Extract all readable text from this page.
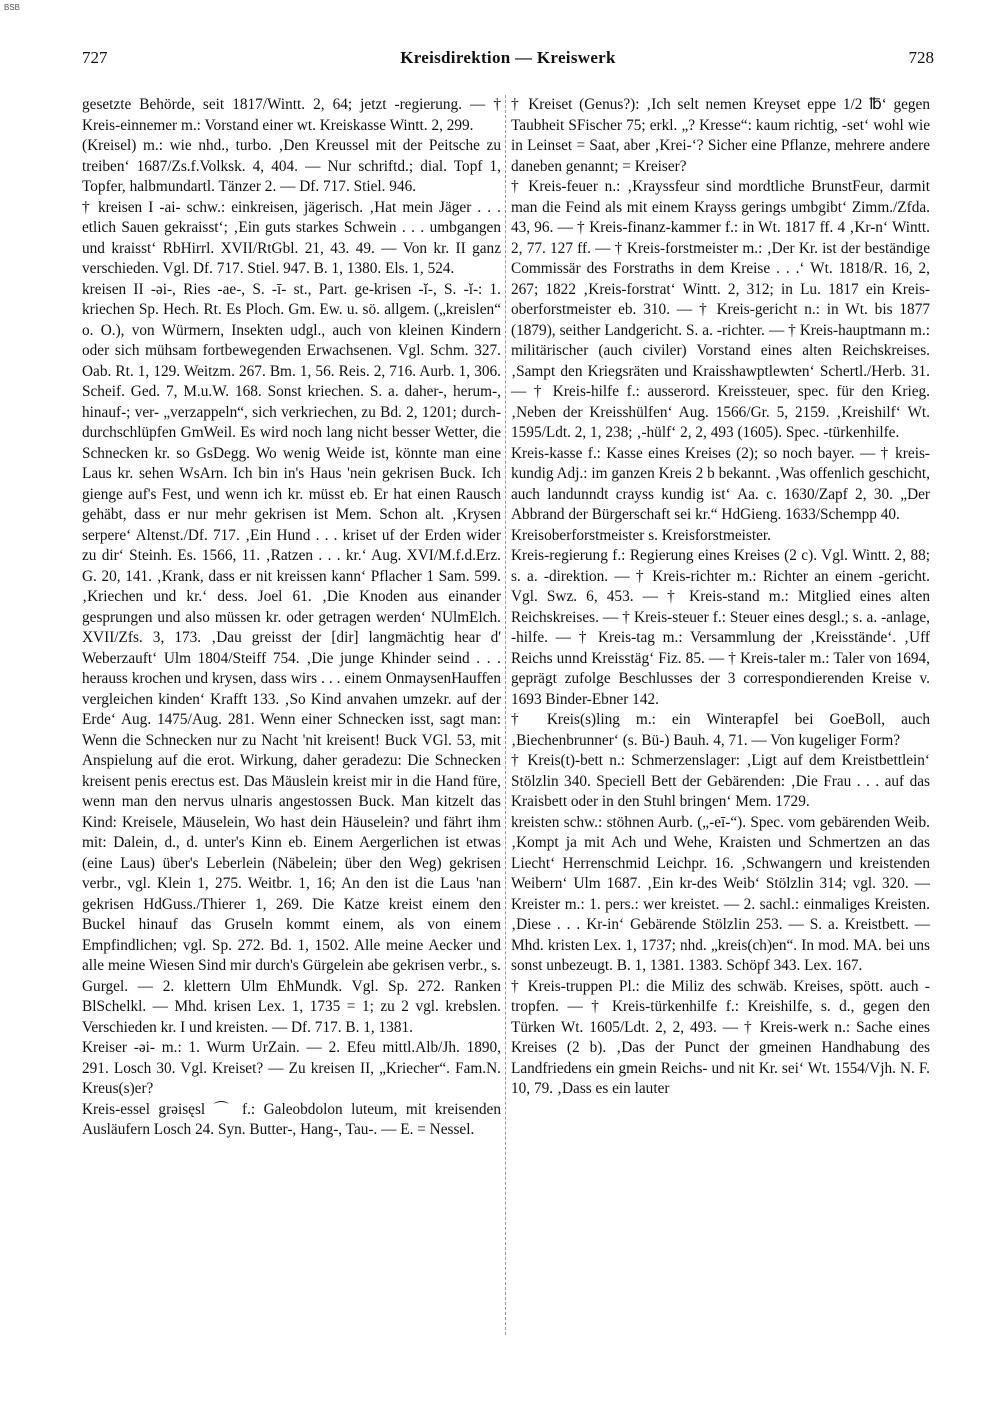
BSB
727	Kreisdirektion — Kreiswerk	728

gesetzte Behörde, seit 1817/Wintt. 2, 64; jetzt -regierung. — † Kreis-einnemer m.: Vorstand einer wt. Kreiskasse Wintt. 2, 299.

(Kreisel) m.: wie nhd., turbo. ‚Den Kreussel mit der Peitsche zu treiben‘ 1687/Zs.f.Volksk. 4, 404. — Nur schriftd.; dial. Topf 1, Topfer, halbmundartl. Tänzer 2. — Df. 717. Stiel. 946.

† kreisen I -ai- schw.: einkreisen, jägerisch. ‚Hat mein Jäger . . . etlich Sauen gekraisst‘; ‚Ein guts starkes Schwein . . . umbgangen und kraisst‘ RbHirrl. XVII/RtGbl. 21, 43. 49. — Von kr. II ganz verschieden. Vgl. Df. 717. Stiel. 947. B. 1, 1380. Els. 1, 524.

kreisen II -əi-, Ries -ae-, S. -ī- st., Part. ge-krisen -ĭ-, S. -ĭ-: 1. kriechen Sp. Hech. Rt. Es Ploch. Gm. Ew. u. sö. allgem. („kreislen“ o. O.), von Würmern, Insekten udgl., auch von kleinen Kindern oder sich mühsam fortbewegenden Erwachsenen. Vgl. Schm. 327. Oab. Rt. 1, 129. Weitzm. 267. Bm. 1, 56. Reis. 2, 716. Aurb. 1, 306. Scheif. Ged. 7, M.u.W. 168. Sonst kriechen. S. a. daher-, herum-, hinauf-; ver- „verzappeln“, sich verkriechen, zu Bd. 2, 1201; durch- durchschlüpfen GmWeil. Es wird noch lang nicht besser Wetter, die Schnecken kr. so GsDegg. Wo wenig Weide ist, könnte man eine Laus kr. sehen WsArn. Ich bin in's Haus 'nein gekrisen Buck. Ich gienge auf's Fest, und wenn ich kr. müsst eb. Er hat einen Rausch gehäbt, dass er nur mehr gekrisen ist Mem. Schon alt. ‚Krysen serpere‘ Altenst./Df. 717. ‚Ein Hund . . . kriset uf der Erden wider zu dir‘ Steinh. Es. 1566, 11. ‚Ratzen . . . kr.‘ Aug. XVI/M.f.d.Erz. G. 20, 141. ‚Krank, dass er nit kreissen kann‘ Pflacher 1 Sam. 599. ‚Kriechen und kr.‘ dess. Joel 61. ‚Die Knoden aus einander gesprungen und also müssen kr. oder getragen werden‘ NUlmElch. XVII/Zfs. 3, 173. ‚Dau greisst der [dir] langmächtig hear d' Weberzauft‘ Ulm 1804/Steiff 754. ‚Die junge Khinder seind . . . herauss krochen und krysen, dass wirs . . . einem OnmaysenHauffen vergleichen kinden‘ Krafft 133. ‚So Kind anvahen umzekr. auf der Erde‘ Aug. 1475/Aug. 281. Wenn einer Schnecken isst, sagt man: Wenn die Schnecken nur zu Nacht 'nit kreisent! Buck VGl. 53, mit Anspielung auf die erot. Wirkung, daher geradezu: Die Schnecken kreisent penis erectus est. Das Mäuslein kreist mir in die Hand füre, wenn man den nervus ulnaris angestossen Buck. Man kitzelt das Kind: Kreisele, Mäuselein, Wo hast dein Häuselein? und fährt ihm mit: Dalein, d., d. unter's Kinn eb. Einem Aergerlichen ist etwas (eine Laus) über's Leberlein (Näbelein; über den Weg) gekrisen verbr., vgl. Klein 1, 275. Weitbr. 1, 16; An den ist die Laus 'nan gekrisen HdGuss./Thierer 1, 269. Die Katze kreist einem den Buckel hinauf das Gruseln kommt einem, als von einem Empfindlichen; vgl. Sp. 272. Bd. 1, 1502. Alle meine Aecker und alle meine Wiesen Sind mir durch's Gürgelein abe gekrisen verbr., s. Gurgel. — 2. klettern Ulm EhMundk. Vgl. Sp. 272. Ranken BlSchelkl. — Mhd. krisen Lex. 1, 1735 = 1; zu 2 vgl. krebslen. Verschieden kr. I und kreisten. — Df. 717. B. 1, 1381.

Kreiser -əi- m.: 1. Wurm UrZain. — 2. Efeu mittl.Alb/Jh. 1890, 291. Losch 30. Vgl. Kreiset? — Zu kreisen II, „Kriecher“. Fam.N. Kreus(s)er?

Kreis-essel grəisęsl ⌒ f.: Galeobdolon luteum, mit kreisenden Ausläufern Losch 24. Syn. Butter-, Hang-, Tau-. — E. = Nessel.

† Kreiset (Genus?): ‚Ich selt nemen Kreyset eppe 1/2 ℔‘ gegen Taubheit SFischer 75; erkl. „? Kresse“: kaum richtig, -set‘ wohl wie in Leinset = Saat, aber ‚Krei-‘? Sicher eine Pflanze, mehrere andere daneben genannt; = Kreiser?

† Kreis-feuer n.: ‚Krayssfeur sind mordtliche BrunstFeur, darmit man die Feind als mit einem Krayss gerings umbgibt‘ Zimm./Zfda. 43, 96. — † Kreis-finanz-kammer f.: in Wt. 1817 ff. 4 ‚Kr-n‘ Wintt. 2, 77. 127 ff. — † Kreis-forstmeister m.: ‚Der Kr. ist der beständige Commissär des Forstraths in dem Kreise . . .‘ Wt. 1818/R. 16, 2, 267; 1822 ‚Kreis-forstrat‘ Wintt. 2, 312; in Lu. 1817 ein Kreis-oberforstmeister eb. 310. — † Kreis-gericht n.: in Wt. bis 1877 (1879), seither Landgericht. S. a. -richter. — † Kreis-hauptmann m.: militärischer (auch civiler) Vorstand eines alten Reichskreises. ‚Sampt den Kriegsräten und Kraisshawptlewten‘ Schertl./Herb. 31. — † Kreis-hilfe f.: ausserord. Kreissteuer, spec. für den Krieg. ‚Neben der Kreisshülfen‘ Aug. 1566/Gr. 5, 2159. ‚Kreishilf‘ Wt. 1595/Ldt. 2, 1, 238; ‚-hülf‘ 2, 2, 493 (1605). Spec. -türkenhilfe.

Kreis-kasse f.: Kasse eines Kreises (2); so noch bayer. — † kreis-kundig Adj.: im ganzen Kreis 2 b bekannt. ‚Was offenlich geschicht, auch landunndt crayss kundig ist‘ Aa. c. 1630/Zapf 2, 30. „Der Abbrand der Bürgerschaft sei kr.“ HdGieng. 1633/Schempp 40.

Kreisoberforstmeister s. Kreisforstmeister.

Kreis-regierung f.: Regierung eines Kreises (2 c). Vgl. Wintt. 2, 88; s. a. -direktion. — † Kreis-richter m.: Richter an einem -gericht. Vgl. Swz. 6, 453. — † Kreis-stand m.: Mitglied eines alten Reichskreises. — † Kreis-steuer f.: Steuer eines desgl.; s. a. -anlage, -hilfe. — † Kreis-tag m.: Versammlung der ‚Kreisstände‘. ‚Uff Reichs unnd Kreisstäg‘ Fiz. 85. — † Kreis-taler m.: Taler von 1694, geprägt zufolge Beschlusses der 3 correspondierenden Kreise v. 1693 Binder-Ebner 142.

† Kreis(s)ling m.: ein Winterapfel bei GoeBoll, auch ‚Biechenbrunner‘ (s. Bü-) Bauh. 4, 71. — Von kugeliger Form?

† Kreis(t)-bett n.: Schmerzenslager: ‚Ligt auf dem Kreistbettlein‘ Stölzlin 340. Speciell Bett der Gebärenden: ‚Die Frau . . . auf das Kraisbett oder in den Stuhl bringen‘ Mem. 1729.

kreisten schw.: stöhnen Aurb. („-eī-“). Spec. vom gebärenden Weib. ‚Kompt ja mit Ach und Wehe, Kraisten und Schmertzen an das Liecht‘ Herrenschmid Leichpr. 16. ‚Schwangern und kreistenden Weibern‘ Ulm 1687. ‚Ein kr-des Weib‘ Stölzlin 314; vgl. 320. — Kreister m.: 1. pers.: wer kreistet. — 2. sachl.: einmaliges Kreisten. ‚Diese . . . Kr-in‘ Gebärende Stölzlin 253. — S. a. Kreistbett. — Mhd. kristen Lex. 1, 1737; nhd. „kreis(ch)en“. In mod. MA. bei uns sonst unbezeugt. B. 1, 1381. 1383. Schöpf 343. Lex. 167.

† Kreis-truppen Pl.: die Miliz des schwäb. Kreises, spött. auch -tropfen. — † Kreis-türkenhilfe f.: Kreishilfe, s. d., gegen den Türken Wt. 1605/Ldt. 2, 2, 493. — † Kreis-werk n.: Sache eines Kreises (2 b). ‚Das der Punct der gmeinen Handhabung des Landfriedens ein gmein Reichs- und nit Kr. sei‘ Wt. 1554/Vjh. N. F. 10, 79. ‚Dass es ein lauter
